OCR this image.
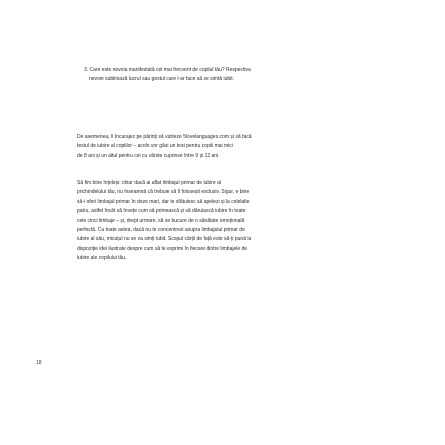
3. Care este nevoia manifestată cel mai frecvent de copilul tău? Respectiva
nevoie subliniază lucrul sau gestul care l-ar face să se simtă iubit.
De asemenea, îi încurajez pe părinți să viziteze 5lovelanguages.com și să facă
testul de iubire al copiilor – acolo vor găsi un test pentru copiii mai mici
de 8 ani și un altul pentru cei cu vârste cuprinse între 9 și 12 ani.
Să fim bine înțeleși: chiar dacă ai aflat limbajul primar de iubire al
prichindelului tău, nu înseamnă că trebuie să îl folosești exclusiv. Sigur, e bine
să-i oferi limbajul primar în doze mari, dar te sfătuiesc să apelezi și la celelalte
patru, astfel încât să învețe cum să primească și să dăruiască iubire în toate
cele cinci limbaje – și, drept urmare, să se bucure de o sănătate emoțională
perfectă. Cu toate astea, dacă nu te concentrezi asupra limbajului primar de
iubire al său, micuțul nu se va simți iubit. Scopul cărții de față este să-ți pună la
dispoziție idei ilustrate despre cum să te exprimi în fiecare dintre limbajele de
iubire ale copilului tău.
18
